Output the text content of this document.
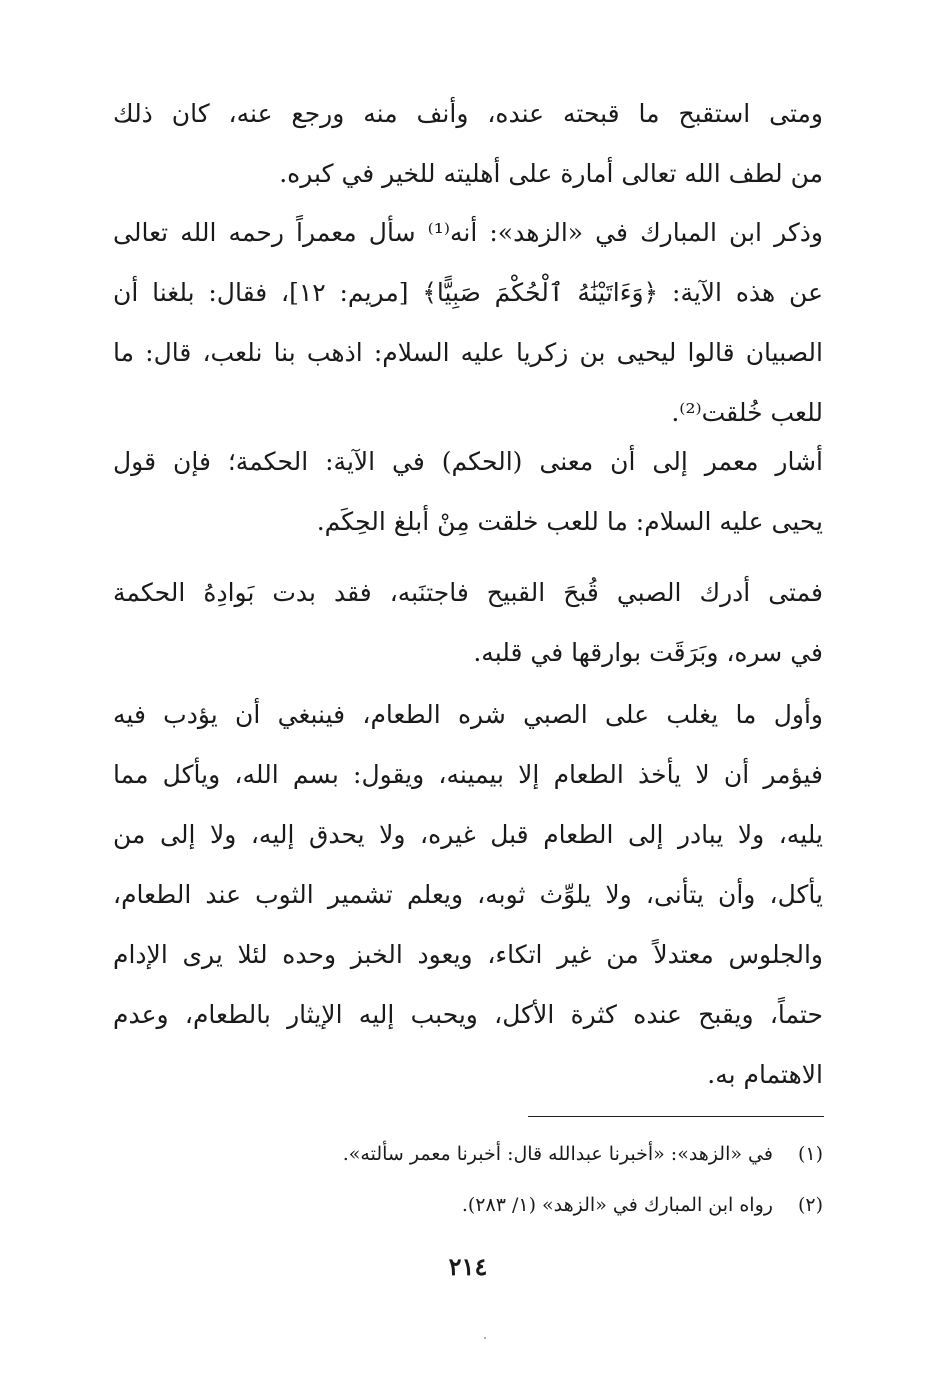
ومتى استقبح ما قبحته عنده، وأنف منه ورجع عنه، كان ذلك
من لطف الله تعالى أمارة على أهليته للخير في كبره.
وذكر ابن المبارك في «الزهد»: أنه⁽¹⁾ سأل معمراً رحمه الله تعالى
عن هذه الآية: ﴿وَءَاتَيْنَٰهُ ٱلْحُكْمَ صَبِيًّا﴾ [مريم: ١٢]، فقال: بلغنا أن
الصبيان قالوا ليحيى بن زكريا عليه السلام: اذهب بنا نلعب، قال: ما
للعب خُلقت⁽²⁾.
أشار معمر إلى أن معنى (الحكم) في الآية: الحكمة؛ فإن قول
يحيى عليه السلام: ما للعب خلقت مِنْ أبلغ الحِكَم.
فمتى أدرك الصبي قُبحَ القبيح فاجتنَبه، فقد بدت بَوادِهُ الحكمة
في سره، وبَرَقَت بوارقها في قلبه.
وأول ما يغلب على الصبي شره الطعام، فينبغي أن يؤدب فيه
فيؤمر أن لا يأخذ الطعام إلا بيمينه، ويقول: بسم الله، ويأكل مما
يليه، ولا يبادر إلى الطعام قبل غيره، ولا يحدق إليه، ولا إلى من
يأكل، وأن يتأنى، ولا يلوِّث ثوبه، ويعلم تشمير الثوب عند الطعام،
والجلوس معتدلاً من غير اتكاء، ويعود الخبز وحده لئلا يرى الإدام
حتماً، ويقبح عنده كثرة الأكل، ويحبب إليه الإيثار بالطعام، وعدم
الاهتمام به.
(١) في «الزهد»: «أخبرنا عبدالله قال: أخبرنا معمر سألته».
(٢) رواه ابن المبارك في «الزهد» (١/ ٢٨٣).
٢١٤
